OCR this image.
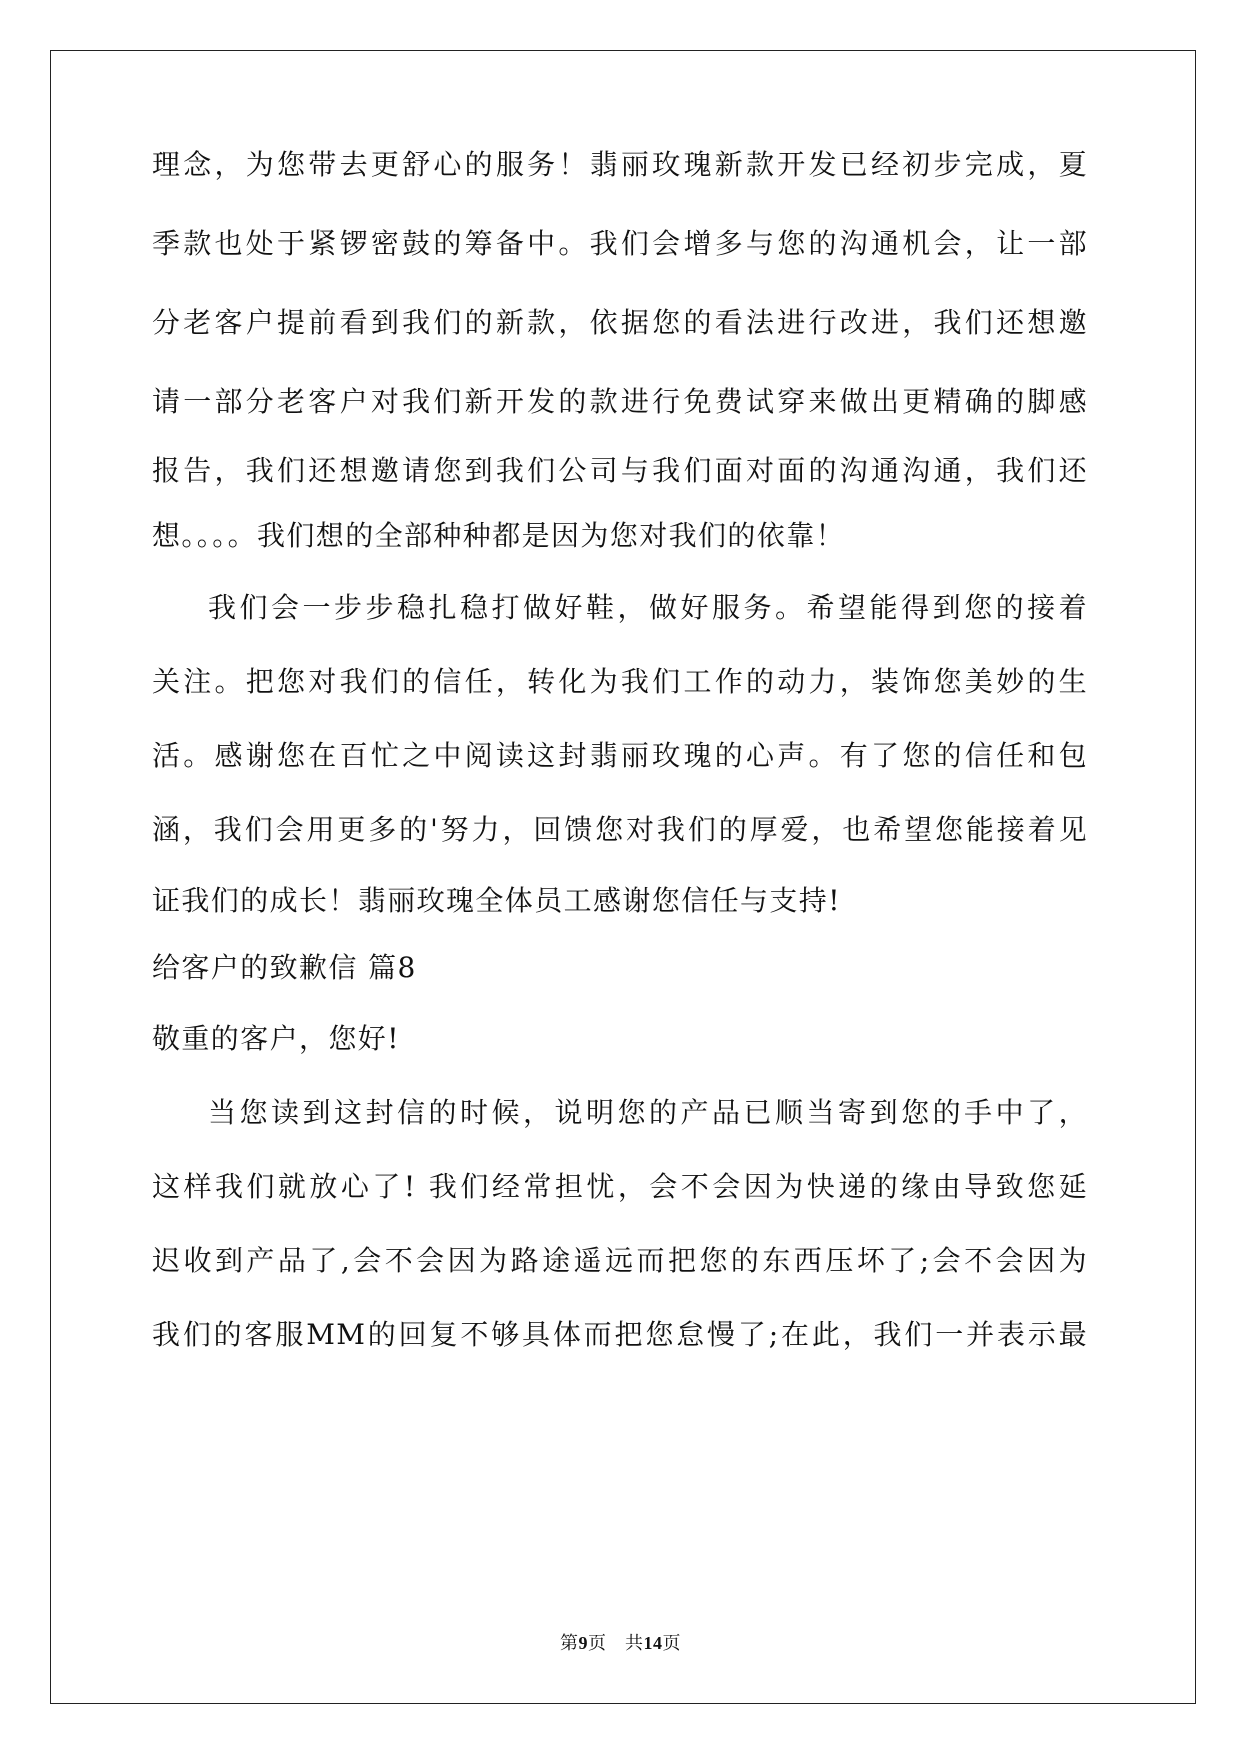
理念，为您带去更舒心的服务！翡丽玫瑰新款开发已经初步完成，夏
季款也处于紧锣密鼓的筹备中。我们会增多与您的沟通机会，让一部
分老客户提前看到我们的新款，依据您的看法进行改进，我们还想邀
请一部分老客户对我们新开发的款进行免费试穿来做出更精确的脚感
报告，我们还想邀请您到我们公司与我们面对面的沟通沟通，我们还
想。。。。我们想的全部种种都是因为您对我们的依靠！
我们会一步步稳扎稳打做好鞋，做好服务。希望能得到您的接着
关注。把您对我们的信任，转化为我们工作的动力，装饰您美妙的生
活。感谢您在百忙之中阅读这封翡丽玫瑰的心声。有了您的信任和包
涵，我们会用更多的'努力，回馈您对我们的厚爱，也希望您能接着见
证我们的成长！翡丽玫瑰全体员工感谢您信任与支持!
给客户的致歉信 篇8
敬重的客户，您好!
当您读到这封信的时候，说明您的产品已顺当寄到您的手中了，
这样我们就放心了! 我们经常担忧，会不会因为快递的缘由导致您延
迟收到产品了,会不会因为路途遥远而把您的东西压坏了;会不会因为
我们的客服MM的回复不够具体而把您怠慢了;在此，我们一并表示最
第9页　共14页
